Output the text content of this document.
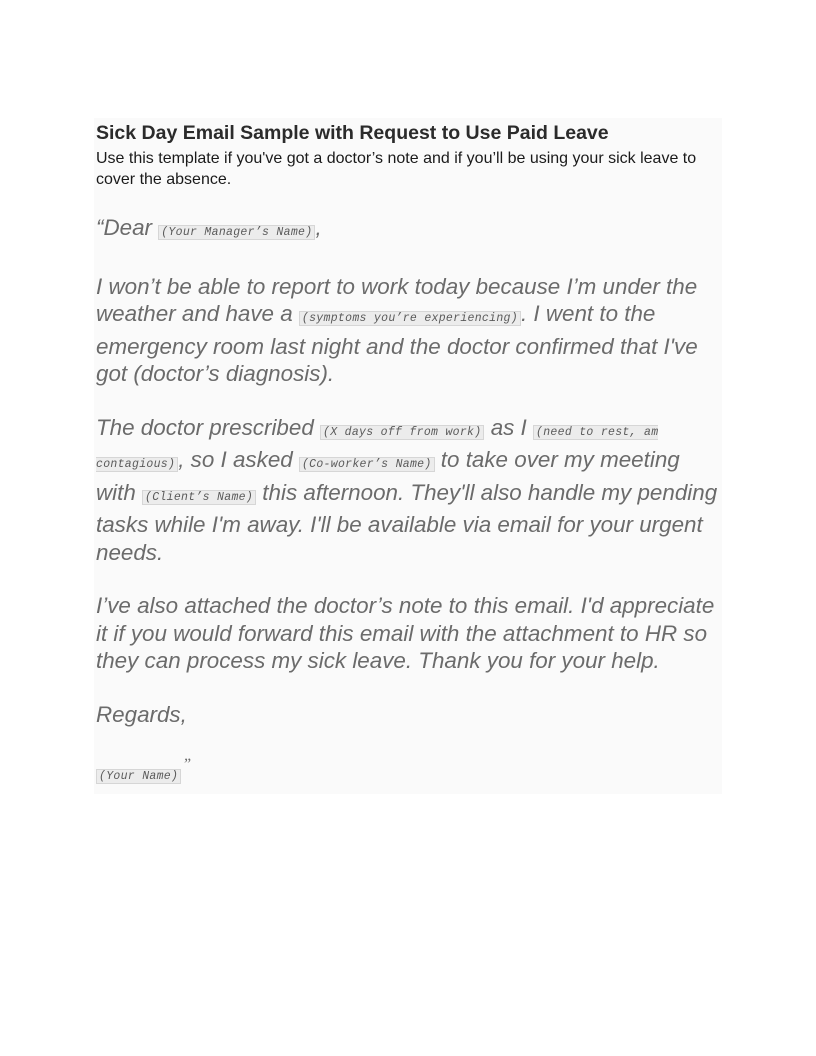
Sick Day Email Sample with Request to Use Paid Leave

Use this template if you've got a doctor’s note and if you’ll be using your sick leave to cover the absence.

“Dear (Your Manager’s Name) ,

I won’t be able to report to work today because I’m under the weather and have a (symptoms you’re experiencing) . I went to the emergency room last night and the doctor confirmed that I've got (doctor’s diagnosis).

The doctor prescribed (X days off from work) as I (need to rest, am contagious) , so I asked (Co-worker’s Name) to take over my meeting with (Client’s Name) this afternoon. They'll also handle my pending tasks while I'm away. I'll be available via email for your urgent needs.

I’ve also attached the doctor’s note to this email. I'd appreciate it if you would forward this email with the attachment to HR so they can process my sick leave. Thank you for your help.

Regards,

(Your Name)”
